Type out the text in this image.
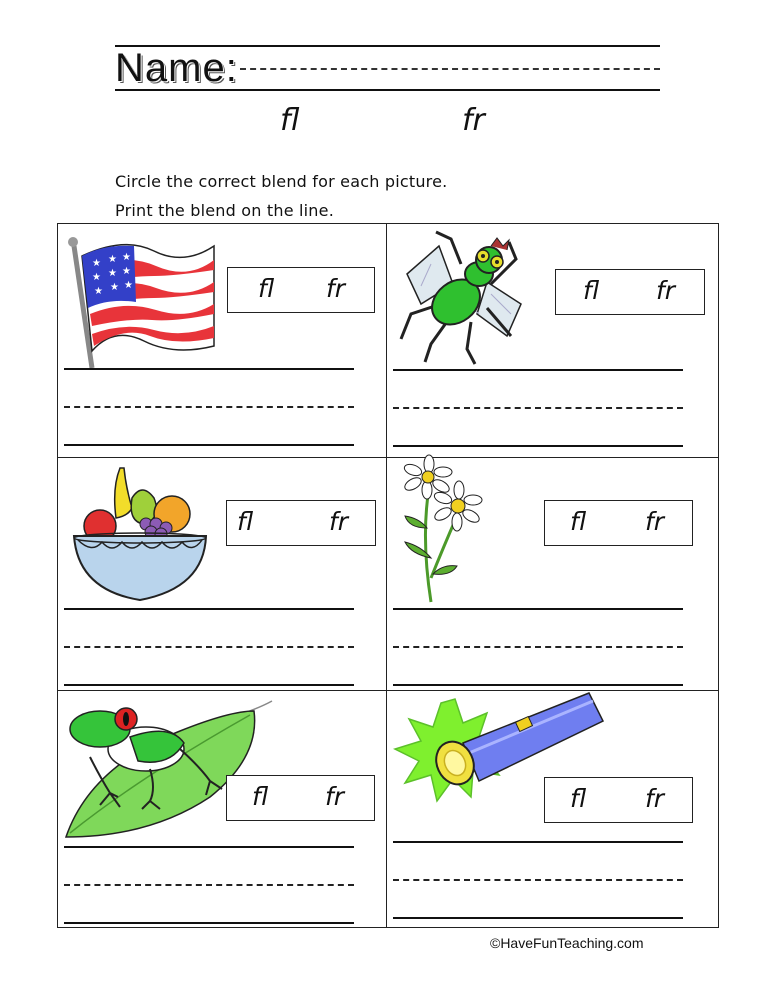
Name:
fl	fr
Circle the correct blend for each picture.
Print the blend on the line.
★ ★ ★
★ ★ ★
★ ★ ★	fl fr	fl fr
fl	fr	fl fr
fl fr	fl fr
©HaveFunTeaching.com
